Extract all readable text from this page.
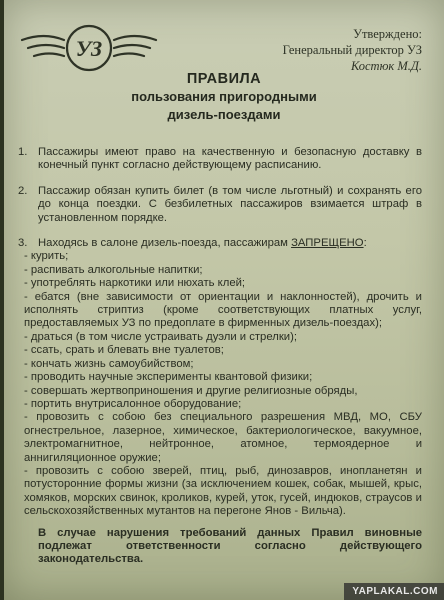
УЗ
Утверждено:
Генеральный директор УЗ
Костюк М.Д.
ПРАВИЛА
пользования пригородными
дизель-поездами
1. Пассажиры имеют право на качественную и безопасную доставку в конечный пункт согласно действующему расписанию.
2. Пассажир обязан купить билет (в том числе льготный) и сохранять его до конца поездки. С безбилетных пассажиров взимается штраф в установленном порядке.
3. Находясь в салоне дизель-поезда, пассажирам ЗАПРЕЩЕНО:
- курить;
- распивать алкогольные напитки;
- употреблять наркотики или нюхать клей;
- ебатся (вне зависимости от ориентации и наклонностей), дрочить и исполнять стриптиз (кроме соответствующих платных услуг, предоставляемых УЗ по предоплате в фирменных дизель-поездах);
- драться (в том числе устраивать дуэли и стрелки);
- ссать, срать и блевать вне туалетов;
- кончать жизнь самоубийством;
- проводить научные эксперименты квантовой физики;
- совершать жертвоприношения и другие религиозные обряды,
- портить внутрисалонное оборудование;
- провозить с собою без специального разрешения МВД, МО, СБУ огнестрельное, лазерное, химическое, бактериологическое, вакуумное, электромагнитное, нейтронное, атомное, термоядерное и аннигиляционное оружие;
- провозить с собою зверей, птиц, рыб, динозавров, инопланетян и потусторонние формы жизни (за исключением кошек, собак, мышей, крыс, хомяков, морских свинок, кроликов, курей, уток, гусей, индюков, страусов и сельскохозяйственных мутантов на перегоне Янов - Вильча).
В случае нарушения требований данных Правил виновные подлежат ответственности согласно действующего законодательства.
YAPLAKAL.COM
